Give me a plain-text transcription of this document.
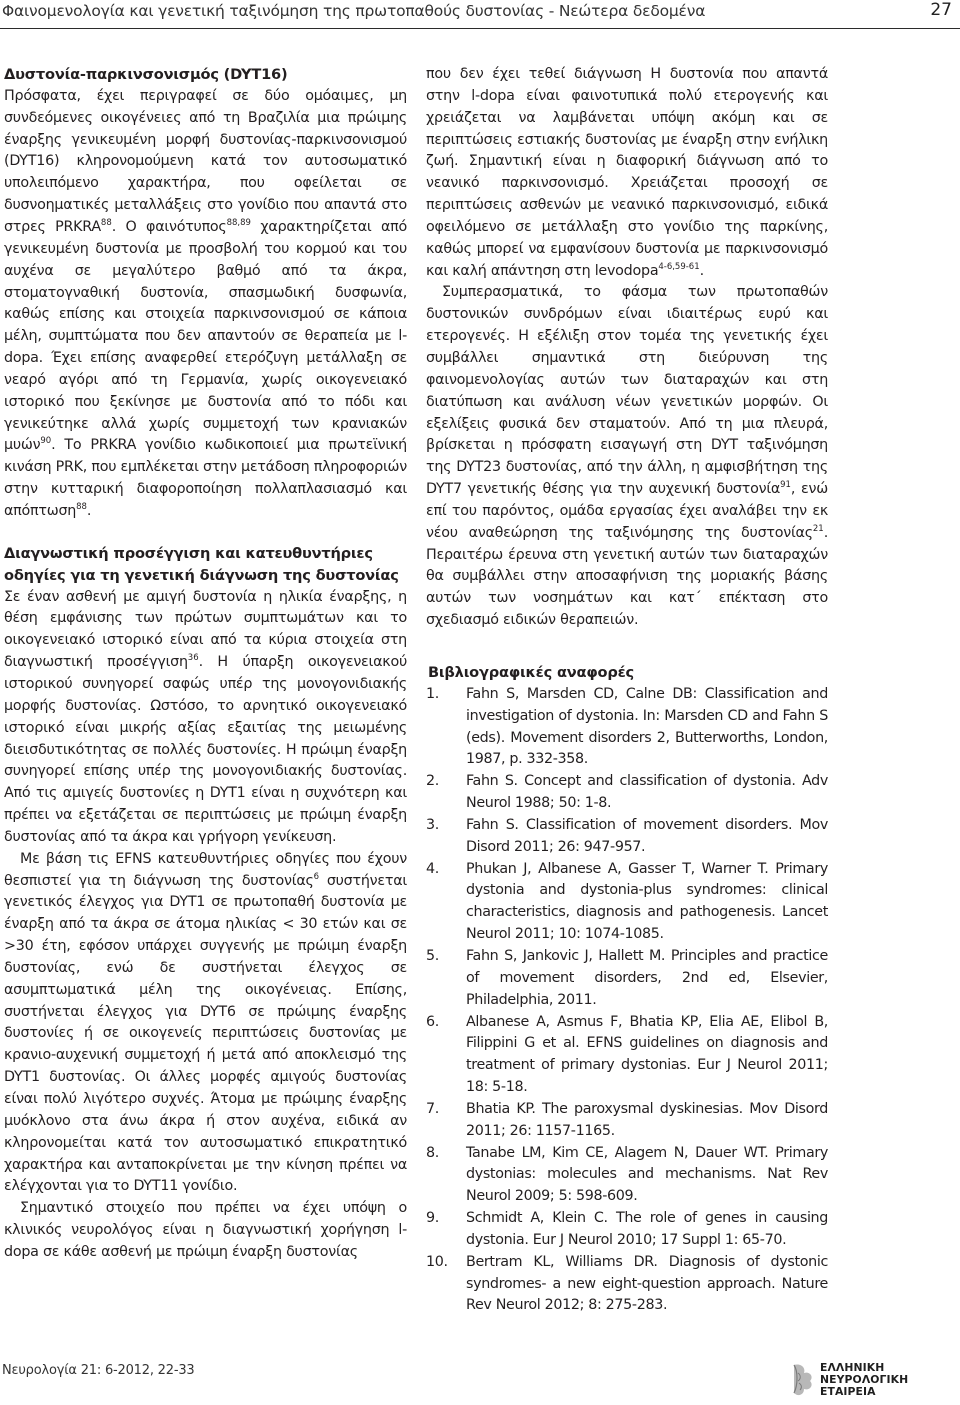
Φαινομενολογία και γενετική ταξινόμηση της πρωτοπαθούς δυστονίας - Νεώτερα δεδομένα	27
Δυστονία-παρκινσονισμός (DYT16)

Πρόσφατα, έχει περιγραφεί σε δύο ομόαιμες, μη συνδεόμενες οικογένειες από τη Βραζιλία μια πρώιμης έναρξης γενικευμένη μορφή δυστονίας-παρκινσονισμού (DYT16) κληρονομούμενη κατά τον αυτοσωματικό υπολειπόμενο χαρακτήρα, που οφείλεται σε δυσνοηματικές μεταλλάξεις στο γονίδιο που απαντά στο στρες PRKRA$^{88}$. Ο φαινότυπος$^{88,89}$ χαρακτηρίζεται από γενικευμένη δυστονία με προσβολή του κορμού και του αυχένα σε μεγαλύτερο βαθμό από τα άκρα, στοματογναθική δυστονία, σπασμωδική δυσφωνία, καθώς επίσης και στοιχεία παρκινσονισμού σε κάποια μέλη, συμπτώματα που δεν απαντούν σε θεραπεία με l-dopa. Έχει επίσης αναφερθεί ετερόζυγη μετάλλαξη σε νεαρό αγόρι από τη Γερμανία, χωρίς οικογενειακό ιστορικό που ξεκίνησε με δυστονία από το πόδι και γενικεύτηκε αλλά χωρίς συμμετοχή των κρανιακών μυών$^{90}$. Το PRKRA γονίδιο κωδικοποιεί μια πρωτεϊνική κινάση PRK, που εμπλέκεται στην μετάδοση πληροφοριών στην κυτταρική διαφοροποίηση πολλαπλασιασμό και απόπτωση$^{88}$.

Διαγνωστική προσέγγιση και κατευθυντήριες οδηγίες για τη γενετική διάγνωση της δυστονίας

Σε έναν ασθενή με αμιγή δυστονία η ηλικία έναρξης, η θέση εμφάνισης των πρώτων συμπτωμάτων και το οικογενειακό ιστορικό είναι από τα κύρια στοιχεία στη διαγνωστική προσέγγιση$^{36}$. Η ύπαρξη οικογενειακού ιστορικού συνηγορεί σαφώς υπέρ της μονογονιδιακής μορφής δυστονίας. Ωστόσο, το αρνητικό οικογενειακό ιστορικό είναι μικρής αξίας εξαιτίας της μειωμένης διεισδυτικότητας σε πολλές δυστονίες. Η πρώιμη έναρξη συνηγορεί επίσης υπέρ της μονογονιδιακής δυστονίας. Από τις αμιγείς δυστονίες η DYT1 είναι η συχνότερη και πρέπει να εξετάζεται σε περιπτώσεις με πρώιμη έναρξη δυστονίας από τα άκρα και γρήγορη γενίκευση.

Με βάση τις EFNS κατευθυντήριες οδηγίες που έχουν θεσπιστεί για τη διάγνωση της δυστονίας$^6$ συστήνεται γενετικός έλεγχος για DYT1 σε πρωτοπαθή δυστονία με έναρξη από τα άκρα σε άτομα ηλικίας < 30 ετών και σε >30 έτη, εφόσον υπάρχει συγγενής με πρώιμη έναρξη δυστονίας, ενώ δε συστήνεται έλεγχος σε ασυμπτωματικά μέλη της οικογένειας. Επίσης, συστήνεται έλεγχος για DYT6 σε πρώιμης έναρξης δυστονίες ή σε οικογενείς περιπτώσεις δυστονίας με κρανιο-αυχενική συμμετοχή ή μετά από αποκλεισμό της DYT1 δυστονίας. Οι άλλες μορφές αμιγούς δυστονίας είναι πολύ λιγότερο συχνές. Άτομα με πρώιμης έναρξης μυόκλονο στα άνω άκρα ή στον αυχένα, ειδικά αν κληρονομείται κατά τον αυτοσωματικό επικρατητικό χαρακτήρα και ανταποκρίνεται με την κίνηση πρέπει να ελέγχονται για το DYT11 γονίδιο.

Σημαντικό στοιχείο που πρέπει να έχει υπόψη ο κλινικός νευρολόγος είναι η διαγνωστική χορήγηση l-dopa σε κάθε ασθενή με πρώιμη έναρξη δυστονίας

που δεν έχει τεθεί διάγνωση Η δυστονία που απαντά στην l-dopa είναι φαινοτυπικά πολύ ετερογενής και χρειάζεται να λαμβάνεται υπόψη ακόμη και σε περιπτώσεις εστιακής δυστονίας με έναρξη στην ενήλικη ζωή. Σημαντική είναι η διαφορική διάγνωση από το νεανικό παρκινσονισμό. Χρειάζεται προσοχή σε περιπτώσεις ασθενών με νεανικό παρκινσονισμό, ειδικά οφειλόμενο σε μετάλλαξη στο γονίδιο της παρκίνης, καθώς μπορεί να εμφανίσουν δυστονία με παρκινσονισμό και καλή απάντηση στη levodopa$^{4-6,59-61}$.

Συμπερασματικά, το φάσμα των πρωτοπαθών δυστονικών συνδρόμων είναι ιδιαιτέρως ευρύ και ετερογενές. Η εξέλιξη στον τομέα της γενετικής έχει συμβάλλει σημαντικά στη διεύρυνση της φαινομενολογίας αυτών των διαταραχών και στη διατύπωση και ανάλυση νέων γενετικών μορφών. Οι εξελίξεις φυσικά δεν σταματούν. Από τη μια πλευρά, βρίσκεται η πρόσφατη εισαγωγή στη DYT ταξινόμηση της DYT23 δυστονίας, από την άλλη, η αμφισβήτηση της DYT7 γενετικής θέσης για την αυχενική δυστονία$^{91}$, ενώ επί του παρόντος, ομάδα εργασίας έχει αναλάβει την εκ νέου αναθεώρηση της ταξινόμησης της δυστονίας$^{21}$. Περαιτέρω έρευνα στη γενετική αυτών των διαταραχών θα συμβάλλει στην αποσαφήνιση της μοριακής βάσης αυτών των νοσημάτων και κατ΄ επέκταση στο σχεδιασμό ειδικών θεραπειών.

Βιβλιογραφικές αναφορές
1.	Fahn S, Marsden CD, Calne DB: Classification and investigation of dystonia. In: Marsden CD and Fahn S (eds). Movement disorders 2, Butterworths, London, 1987, p. 332-358.
2.	Fahn S. Concept and classification of dystonia. Adv Neurol 1988; 50: 1-8.
3.	Fahn S. Classification of movement disorders. Mov Disord 2011; 26: 947-957.
4.	Phukan J, Albanese A, Gasser T, Warner T. Primary dystonia and dystonia-plus syndromes: clinical characteristics, diagnosis and pathogenesis. Lancet Neurol 2011; 10: 1074-1085.
5.	Fahn S, Jankovic J, Hallett M. Principles and practice of movement disorders, 2nd ed, Elsevier, Philadelphia, 2011.
6.	Albanese A, Asmus F, Bhatia KP, Elia AE, Elibol B, Filippini G et al. EFNS guidelines on diagnosis and treatment of primary dystonias. Eur J Neurol 2011; 18: 5-18.
7.	Bhatia KP. The paroxysmal dyskinesias. Mov Disord 2011; 26: 1157-1165.
8.	Tanabe LM, Kim CE, Alagem N, Dauer WT. Primary dystonias: molecules and mechanisms. Nat Rev Neurol 2009; 5: 598-609.
9.	Schmidt A, Klein C. The role of genes in causing dystonia. Eur J Neurol 2010; 17 Suppl 1: 65-70.
10.	Bertram KL, Williams DR. Diagnosis of dystonic syndromes- a new eight-question approach. Nature Rev Neurol 2012; 8: 275-283.
Νευρολογία 21: 6-2012, 22-33	ΕΛΛΗΝΙΚΗ
ΝΕΥΡΟΛΟΓΙΚΗ
ΕΤΑΙΡΕΙΑ
